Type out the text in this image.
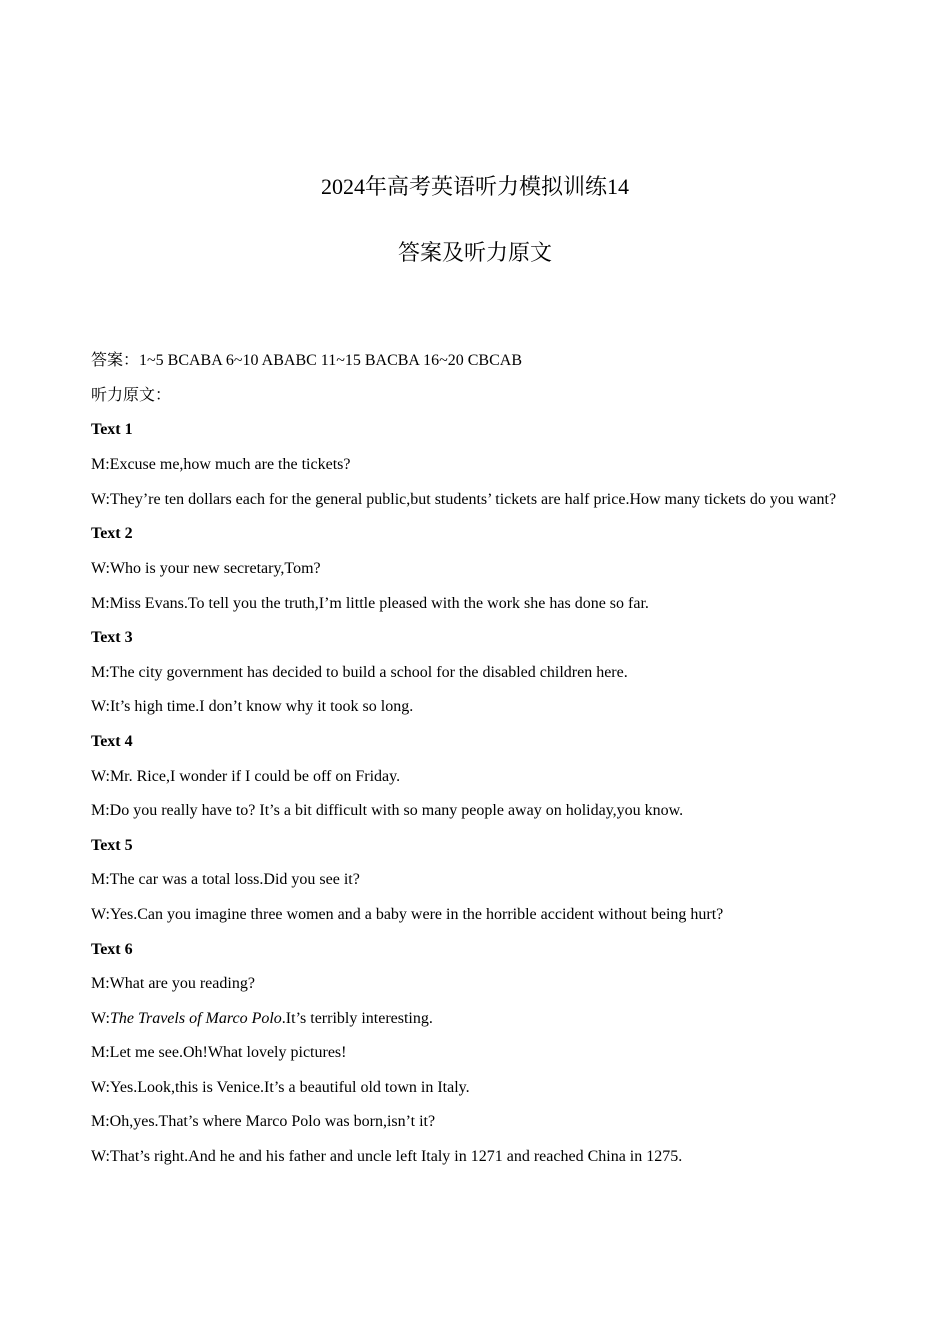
2024年高考英语听力模拟训练14
答案及听力原文
答案：1~5 BCABA 6~10 ABABC 11~15 BACBA 16~20 CBCAB
听力原文：
Text 1
M:Excuse me,how much are the tickets?
W:They’re ten dollars each for the general public,but students’ tickets are half price.How many tickets do you want?
Text 2
W:Who is your new secretary,Tom?
M:Miss Evans.To tell you the truth,I’m little pleased with the work she has done so far.
Text 3
M:The city government has decided to build a school for the disabled children here.
W:It’s high time.I don’t know why it took so long.
Text 4
W:Mr. Rice,I wonder if I could be off on Friday.
M:Do you really have to? It’s a bit difficult with so many people away on holiday,you know.
Text 5
M:The car was a total loss.Did you see it?
W:Yes.Can you imagine three women and a baby were in the horrible accident without being hurt?
Text 6
M:What are you reading?
W:The Travels of Marco Polo.It’s terribly interesting.
M:Let me see.Oh!What lovely pictures!
W:Yes.Look,this is Venice.It’s a beautiful old town in Italy.
M:Oh,yes.That’s where Marco Polo was born,isn’t it?
W:That’s right.And he and his father and uncle left Italy in 1271 and reached China in 1275.
